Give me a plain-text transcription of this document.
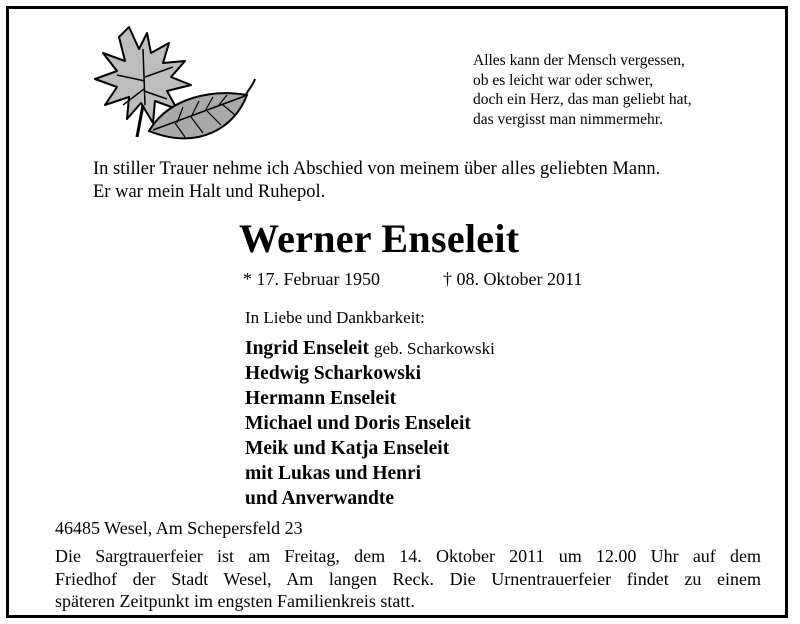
Alles kann der Mensch vergessen,
ob es leicht war oder schwer,
doch ein Herz, das man geliebt hat,
das vergisst man nimmermehr.
In stiller Trauer nehme ich Abschied von meinem über alles geliebten Mann.
Er war mein Halt und Ruhepol.
Werner Enseleit
* 17. Februar 1950	† 08. Oktober 2011
In Liebe und Dankbarkeit:
Ingrid Enseleit geb. Scharkowski
Hedwig Scharkowski
Hermann Enseleit
Michael und Doris Enseleit
Meik und Katja Enseleit
mit Lukas und Henri
und Anverwandte
46485 Wesel, Am Schepersfeld 23
Die Sargtrauerfeier ist am Freitag, dem 14. Oktober 2011 um 12.00 Uhr auf dem
Friedhof der Stadt Wesel, Am langen Reck. Die Urnentrauerfeier findet zu einem
späteren Zeitpunkt im engsten Familienkreis statt.
